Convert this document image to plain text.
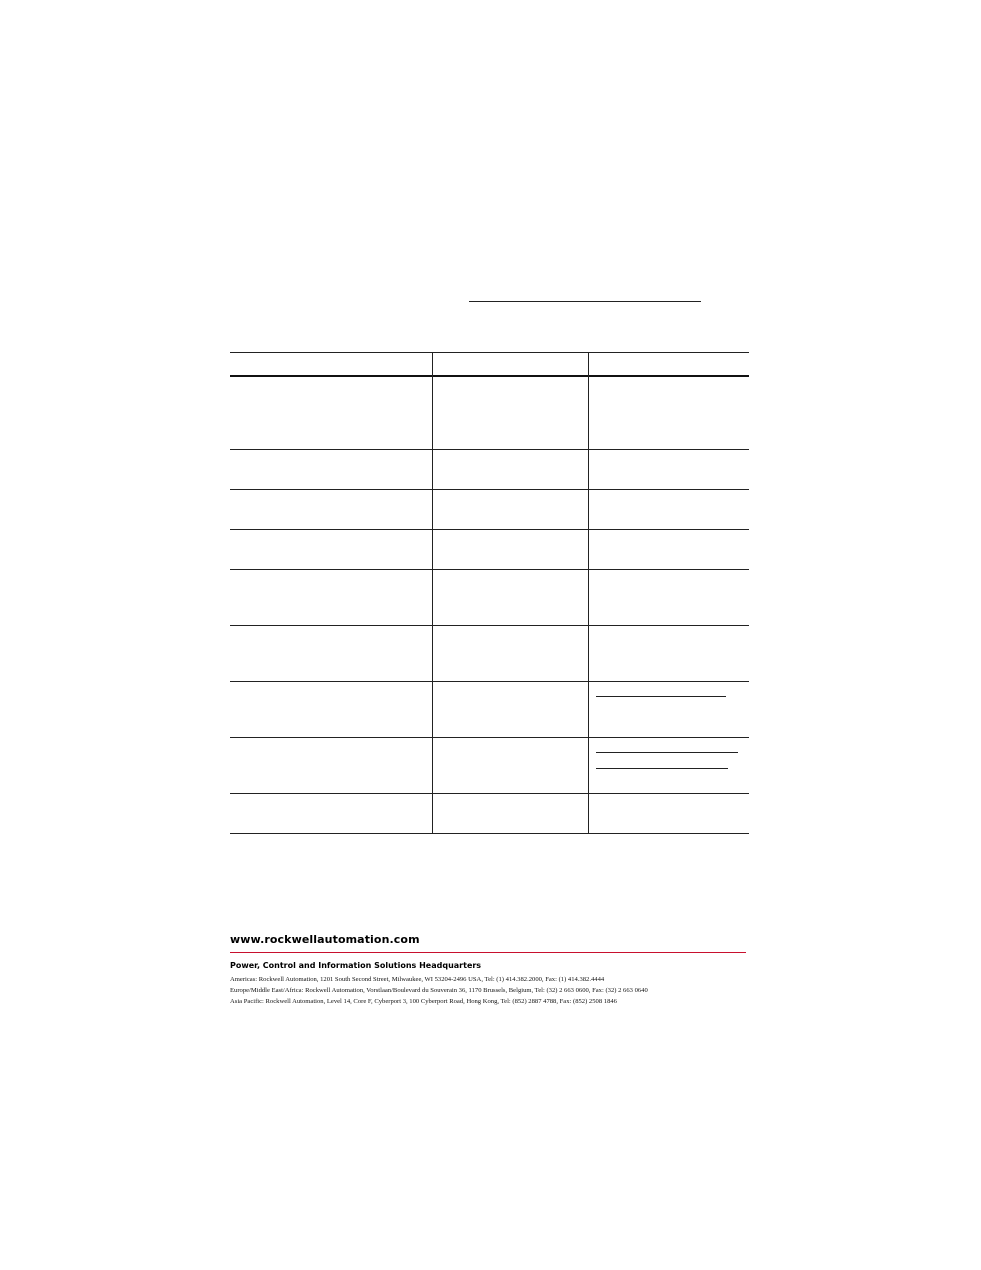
www.rockwellautomation.com
Power, Control and Information Solutions Headquarters
Americas: Rockwell Automation, 1201 South Second Street, Milwaukee, WI 53204-2496 USA, Tel: (1) 414.382.2000, Fax: (1) 414.382.4444
Europe/Middle East/Africa: Rockwell Automation, Vorstlaan/Boulevard du Souverain 36, 1170 Brussels, Belgium, Tel: (32) 2 663 0600, Fax: (32) 2 663 0640
Asia Pacific: Rockwell Automation, Level 14, Core F, Cyberport 3, 100 Cyberport Road, Hong Kong, Tel: (852) 2887 4788, Fax: (852) 2508 1846
